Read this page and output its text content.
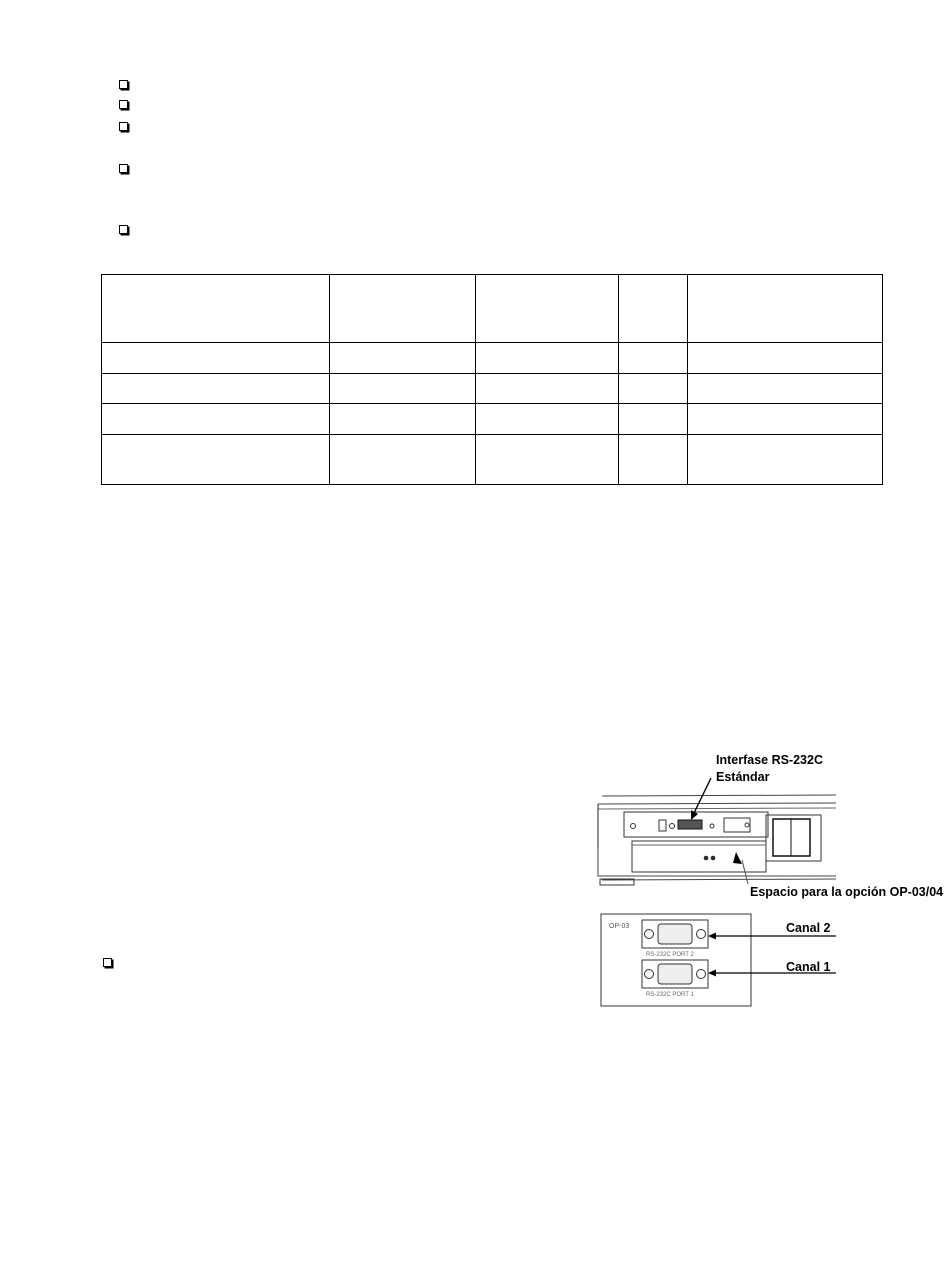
OP-03
RS-232C PORT 2
RS-232C PORT 1
Interfase RS-232C
Estándar
Espacio para la opción OP-03/04
Canal 2
Canal 1
